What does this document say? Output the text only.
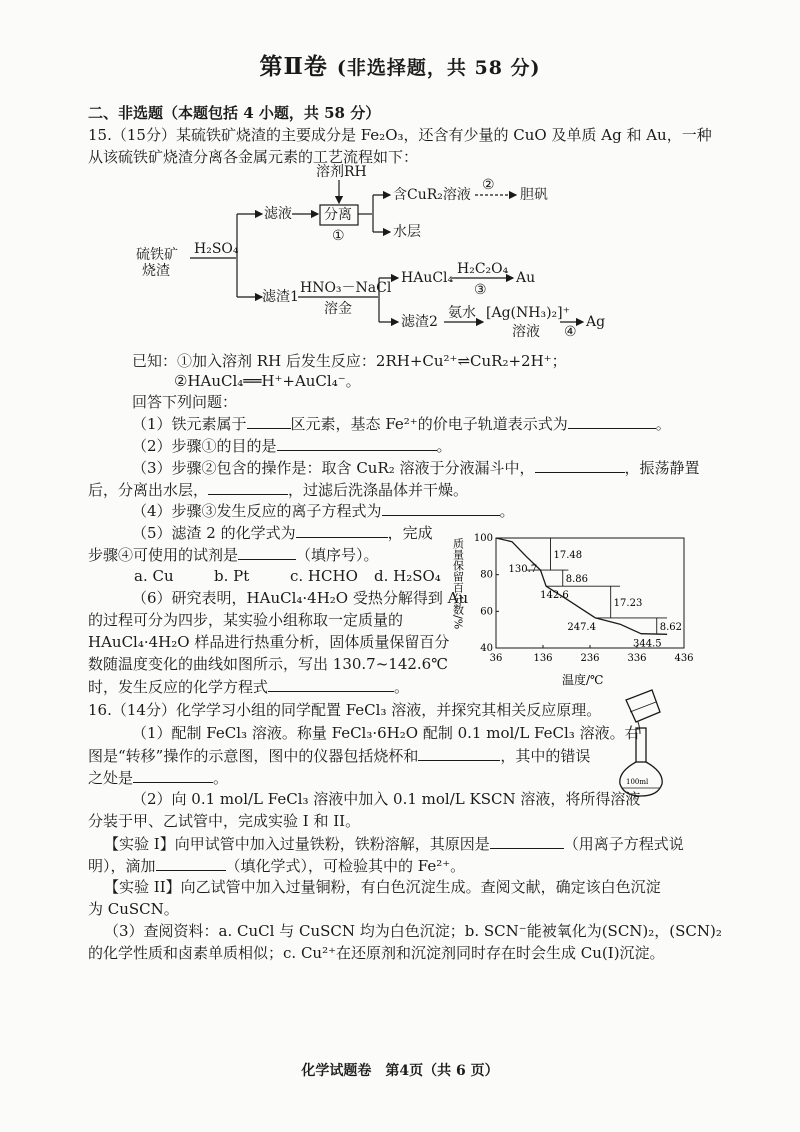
第Ⅱ卷 (非选择题，共 58 分)
二、非选题（本题包括 4 小题，共 58 分）
15.（15分）某硫铁矿烧渣的主要成分是 Fe₂O₃，还含有少量的 CuO 及单质 Ag 和 Au，一种
从该硫铁矿烧渣分离各金属元素的工艺流程如下：
硫铁矿
烧渣
H₂SO₄
滤液
溶剂RH
分离
①
含CuR₂溶液
②
胆矾
水层
滤渣1
HNO₃－NaCl
溶金
HAuCl₄
H₂C₂O₄
③
Au
滤渣2
氨水 [Ag(NH₃)₂]⁺
溶液 ④
Ag
已知：①加入溶剂 RH 后发生反应：2RH+Cu²⁺⇌CuR₂+2H⁺；
②HAuCl₄══H⁺+AuCl₄⁻。
回答下列问题：
（1）铁元素属于	区元素，基态 Fe²⁺的价电子轨道表示式为	。
（2）步骤①的目的是	。
（3）步骤②包含的操作是：取含 CuR₂ 溶液于分液漏斗中，	，振荡静置
后，分离出水层，	，过滤后洗涤晶体并干燥。
（4）步骤③发生反应的离子方程式为	。
（5）滤渣 2 的化学式为	，完成
步骤④可使用的试剂是	（填序号）。
a. Cu	b. Pt	c. HCHO d. H₂SO₄
（6）研究表明，HAuCl₄·4H₂O 受热分解得到 Au
的过程可分为四步，某实验小组称取一定质量的
HAuCl₄·4H₂O 样品进行热重分析，固体质量保留百分
数随温度变化的曲线如图所示，写出 130.7~142.6℃
时，发生反应的化学方程式	。
36	136	236	336	436
40
60
80
100
17.48
8.86
17.23
8.62
130.7
142.6
247.4
344.5
质量保留百分数/%
温度/℃
16.（14分）化学学习小组的同学配置 FeCl₃ 溶液，并探究其相关反应原理。
（1）配制 FeCl₃ 溶液。称量 FeCl₃·6H₂O 配制 0.1 mol/L FeCl₃ 溶液。右
图是“转移”操作的示意图，图中的仪器包括烧杯和	，其中的错误
之处是	。	100ml
（2）向 0.1 mol/L FeCl₃ 溶液中加入 0.1 mol/L KSCN 溶液，将所得溶液
分装于甲、乙试管中，完成实验 I 和 II。
【实验 I】向甲试管中加入过量铁粉，铁粉溶解，其原因是	（用离子方程式说
明），滴加	（填化学式），可检验其中的 Fe²⁺。
【实验 II】向乙试管中加入过量铜粉，有白色沉淀生成。查阅文献，确定该白色沉淀
为 CuSCN。
（3）查阅资料：a. CuCl 与 CuSCN 均为白色沉淀；b. SCN⁻能被氧化为(SCN)₂，(SCN)₂
的化学性质和卤素单质相似；c. Cu²⁺在还原剂和沉淀剂同时存在时会生成 Cu(I)沉淀。
化学试题卷　第4页（共 6 页）
